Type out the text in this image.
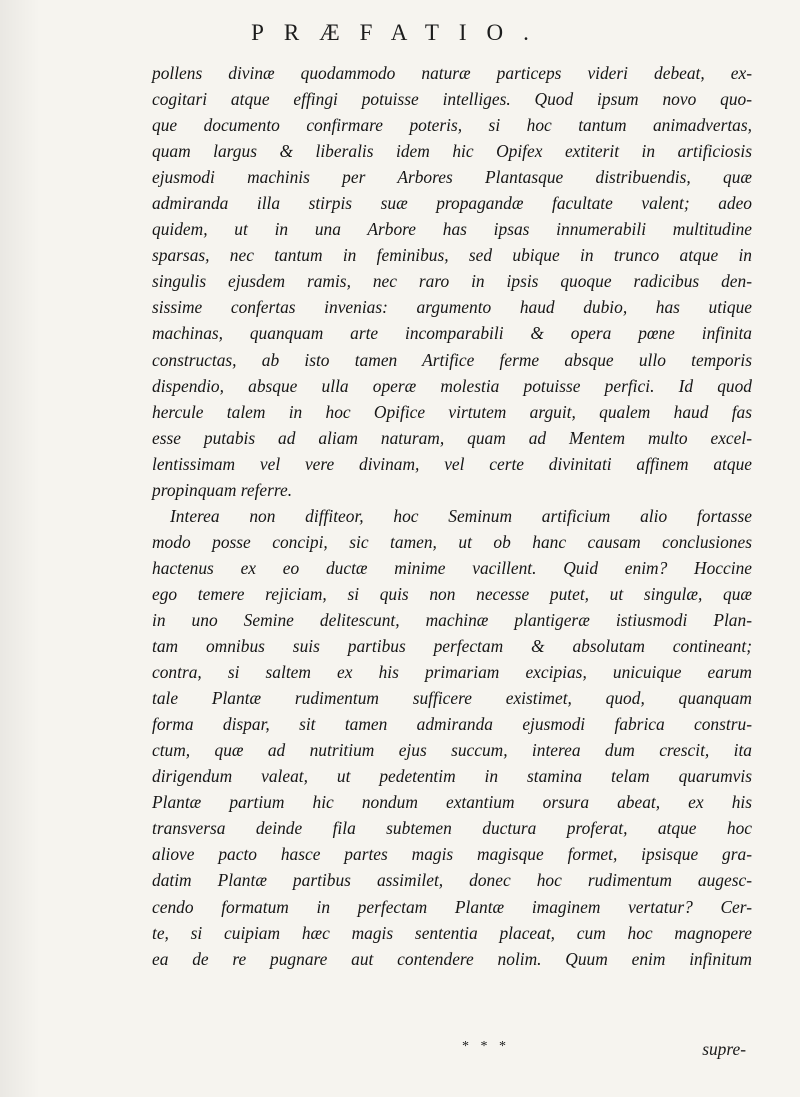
PRÆFATIO.
pollens divinæ quodammodo naturæ particeps videri debeat, ex-
cogitari atque effingi potuisse intelliges. Quod ipsum novo quo-
que documento confirmare poteris, si hoc tantum animadvertas,
quam largus & liberalis idem hic Opifex extiterit in artificiosis
ejusmodi machinis per Arbores Plantasque distribuendis, quæ
admiranda illa stirpis suæ propagandæ facultate valent; adeo
quidem, ut in una Arbore has ipsas innumerabili multitudine
sparsas, nec tantum in feminibus, sed ubique in trunco atque in
singulis ejusdem ramis, nec raro in ipsis quoque radicibus den-
sissime confertas invenias: argumento haud dubio, has utique
machinas, quanquam arte incomparabili & opera pœne infinita
constructas, ab isto tamen Artifice ferme absque ullo temporis
dispendio, absque ulla operæ molestia potuisse perfici. Id quod
hercule talem in hoc Opifice virtutem arguit, qualem haud fas
esse putabis ad aliam naturam, quam ad Mentem multo excel-
lentissimam vel vere divinam, vel certe divinitati affinem atque
propinquam referre.
Interea non diffiteor, hoc Seminum artificium alio fortasse
modo posse concipi, sic tamen, ut ob hanc causam conclusiones
hactenus ex eo ductæ minime vacillent. Quid enim? Hoccine
ego temere rejiciam, si quis non necesse putet, ut singulæ, quæ
in uno Semine delitescunt, machinæ plantigeræ istiusmodi Plan-
tam omnibus suis partibus perfectam & absolutam contineant;
contra, si saltem ex his primariam excipias, unicuique earum
tale Plantæ rudimentum sufficere existimet, quod, quanquam
forma dispar, sit tamen admiranda ejusmodi fabrica constru-
ctum, quæ ad nutritium ejus succum, interea dum crescit, ita
dirigendum valeat, ut pedetentim in stamina telam quarumvis
Plantæ partium hic nondum extantium orsura abeat, ex his
transversa deinde fila subtemen ductura proferat, atque hoc
aliove pacto hasce partes magis magisque formet, ipsisque gra-
datim Plantæ partibus assimilet, donec hoc rudimentum augesc-
cendo formatum in perfectam Plantæ imaginem vertatur? Cer-
te, si cuipiam hæc magis sententia placeat, cum hoc magnopere
ea de re pugnare aut contendere nolim. Quum enim infinitum
* * *	supre-
